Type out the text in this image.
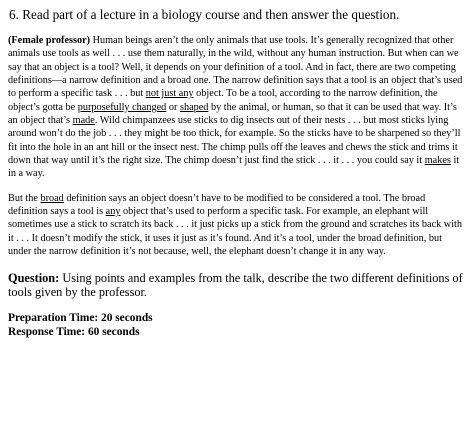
6. Read part of a lecture in a biology course and then answer the question.

(Female professor) Human beings aren’t the only animals that use tools. It’s generally recognized that other animals use tools as well . . . use them naturally, in the wild, without any human instruction. But when can we say that an object is a tool? Well, it depends on your definition of a tool. And in fact, there are two competing definitions—a narrow definition and a broad one. The narrow definition says that a tool is an object that’s used to perform a specific task . . . but not just any object. To be a tool, according to the narrow definition, the object’s gotta be purposefully changed or shaped by the animal, or human, so that it can be used that way. It’s an object that’s made. Wild chimpanzees use sticks to dig insects out of their nests . . . but most sticks lying around won’t do the job . . . they might be too thick, for example. So the sticks have to be sharpened so they’ll fit into the hole in an ant hill or the insect nest. The chimp pulls off the leaves and chews the stick and trims it down that way until it’s the right size. The chimp doesn’t just find the stick . . . it . . . you could say it makes it in a way.

But the broad definition says an object doesn’t have to be modified to be considered a tool. The broad definition says a tool is any object that’s used to perform a specific task. For example, an elephant will sometimes use a stick to scratch its back . . . it just picks up a stick from the ground and scratches its back with it . . . It doesn’t modify the stick, it uses it just as it’s found. And it’s a tool, under the broad definition, but under the narrow definition it’s not because, well, the elephant doesn’t change it in any way.

Question: Using points and examples from the talk, describe the two different definitions of tools given by the professor.

Preparation Time: 20 seconds

Response Time: 60 seconds
